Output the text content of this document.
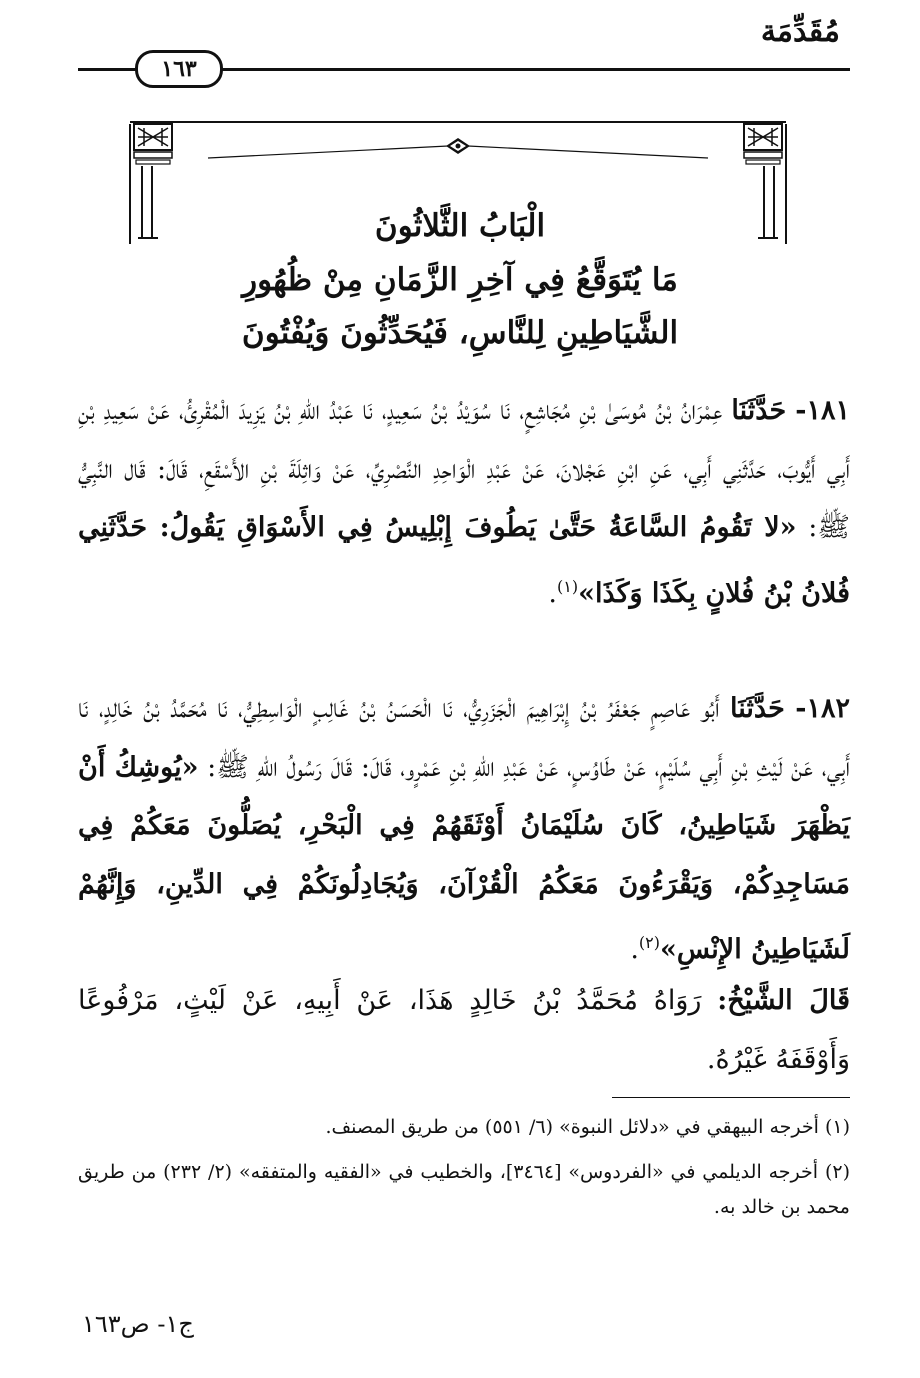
مُقَدِّمَة
١٦٣
الْبَابُ الثَّلاثُونَ
مَا يُتَوَقَّعُ فِي آخِرِ الزَّمَانِ مِنْ ظُهُورِ
الشَّيَاطِينِ لِلنَّاسِ، فَيُحَدِّثُونَ وَيُفْتُونَ

١٨١- حَدَّثَنَا عِمْرَانُ بْنُ مُوسَىٰ بْنِ مُجَاشِعٍ، نَا سُوَيْدُ بْنُ سَعِيدٍ، نَا عَبْدُ اللهِ بْنُ يَزِيدَ الْمُقْرِئُ، عَنْ سَعِيدِ بْنِ أَبِي أَيُّوبَ، حَدَّثَنِي أَبِي، عَنِ ابْنِ عَجْلانَ، عَنْ عَبْدِ الْوَاحِدِ النَّصْرِيِّ، عَنْ وَاثِلَةَ بْنِ الأَسْقَعِ، قَالَ: قَال النَّبِيُّ ﷺ: «لا تَقُومُ السَّاعَةُ حَتَّىٰ يَطُوفَ إِبْلِيسُ فِي الأَسْوَاقِ يَقُولُ: حَدَّثَنِي فُلانُ بْنُ فُلانٍ بِكَذَا وَكَذَا»$^{(١)}$.

١٨٢- حَدَّثَنَا أَبُو عَاصِمٍ جَعْفَرُ بْنُ إِبْرَاهِيمَ الْجَزَرِيُّ، نَا الْحَسَنُ بْنُ غَالِبٍ الْوَاسِطِيُّ، نَا مُحَمَّدُ بْنُ خَالِدٍ، نَا أَبِي، عَنْ لَيْثِ بْنِ أَبِي سُلَيْمٍ، عَنْ طَاوُسٍ، عَنْ عَبْدِ اللهِ بْنِ عَمْرٍو، قَالَ: قَالَ رَسُولُ اللهِ ﷺ: «يُوشِكُ أَنْ يَظْهَرَ شَيَاطِينُ، كَانَ سُلَيْمَانُ أَوْثَقَهُمْ فِي الْبَحْرِ، يُصَلُّونَ مَعَكُمْ فِي مَسَاجِدِكُمْ، وَيَقْرَءُونَ مَعَكُمُ الْقُرْآنَ، وَيُجَادِلُونَكُمْ فِي الدِّينِ، وَإِنَّهُمْ لَشَيَاطِينُ الإِنْسِ»$^{(٢)}$.

قَالَ الشَّيْخُ: رَوَاهُ مُحَمَّدُ بْنُ خَالِدٍ هَذَا، عَنْ أَبِيهِ، عَنْ لَيْثٍ، مَرْفُوعًا وَأَوْقَفَهُ غَيْرُهُ.

(١) أخرجه البيهقي في «دلائل النبوة» (٦/ ٥٥١) من طريق المصنف.

(٢) أخرجه الديلمي في «الفردوس» [٣٤٦٤]، والخطيب في «الفقيه والمتفقه» (٢/ ٢٣٢) من طريق محمد بن خالد به.

ج١- ص١٦٣
